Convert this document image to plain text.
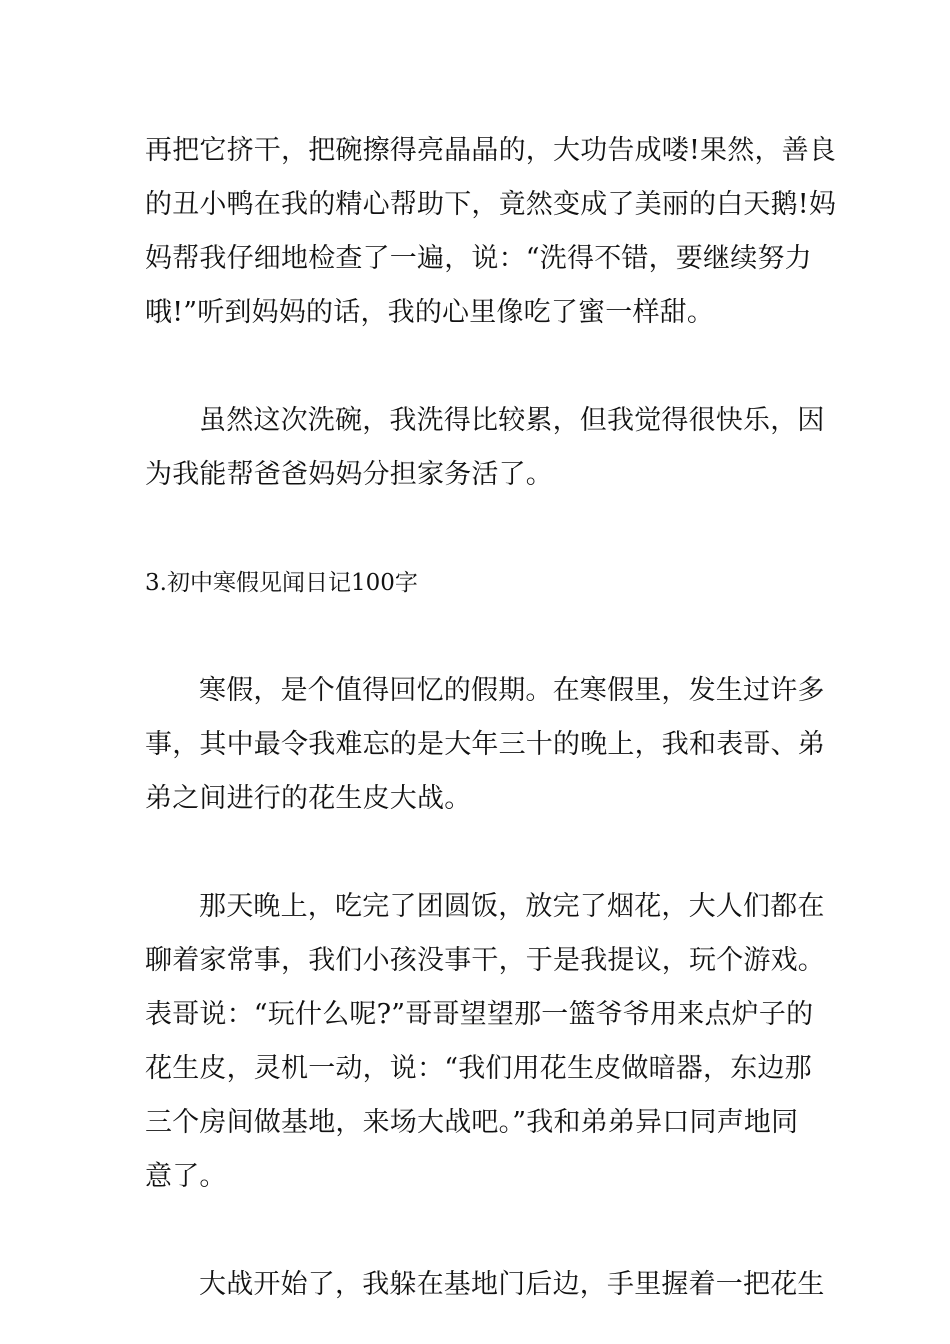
再把它挤干，把碗擦得亮晶晶的，大功告成喽!果然，善良
的丑小鸭在我的精心帮助下，竟然变成了美丽的白天鹅!妈
妈帮我仔细地检查了一遍，说：“洗得不错，要继续努力
哦!”听到妈妈的话，我的心里像吃了蜜一样甜。
虽然这次洗碗，我洗得比较累，但我觉得很快乐，因
为我能帮爸爸妈妈分担家务活了。
3.初中寒假见闻日记100字
寒假，是个值得回忆的假期。在寒假里，发生过许多
事，其中最令我难忘的是大年三十的晚上，我和表哥、弟
弟之间进行的花生皮大战。
那天晚上，吃完了团圆饭，放完了烟花，大人们都在
聊着家常事，我们小孩没事干，于是我提议，玩个游戏。
表哥说：“玩什么呢?”哥哥望望那一篮爷爷用来点炉子的
花生皮，灵机一动，说：“我们用花生皮做暗器，东边那
三个房间做基地，来场大战吧。”我和弟弟异口同声地同
意了。
大战开始了，我躲在基地门后边，手里握着一把花生
